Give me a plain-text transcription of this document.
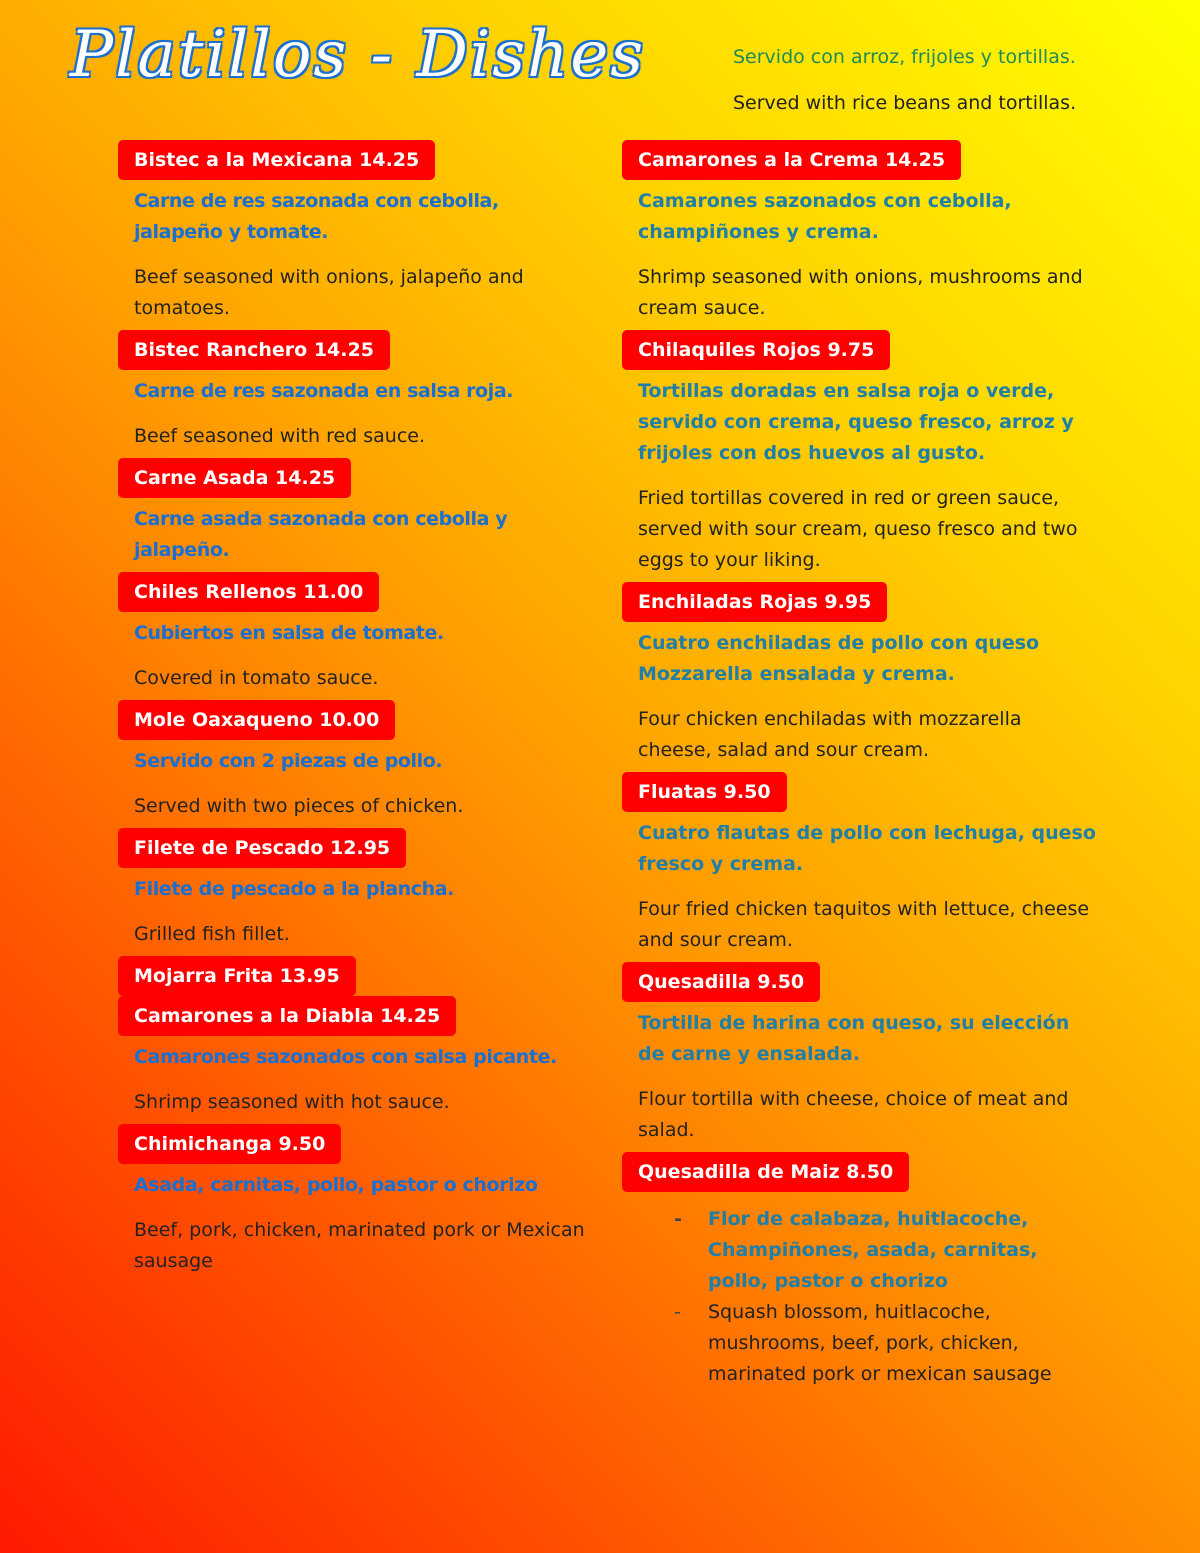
Platillos - Dishes	Servido con arroz, frijoles y tortillas.
Served with rice beans and tortillas.
Bistec a la Mexicana 14.25
Carne de res sazonada con cebolla, jalapeño y tomate.
Beef seasoned with onions, jalapeño and tomatoes.
Bistec Ranchero 14.25
Carne de res sazonada en salsa roja.
Beef seasoned with red sauce.
Carne Asada 14.25
Carne asada sazonada con cebolla y jalapeño.
Chiles Rellenos 11.00
Cubiertos en salsa de tomate.
Covered in tomato sauce.
Mole Oaxaqueno 10.00
Servido con 2 piezas de pollo.
Served with two pieces of chicken.
Filete de Pescado 12.95
Filete de pescado a la plancha.
Grilled fish fillet.
Mojarra Frita 13.95
Camarones a la Diabla 14.25
Camarones sazonados con salsa picante.
Shrimp seasoned with hot sauce.
Chimichanga 9.50
Asada, carnitas, pollo, pastor o chorizo
Beef, pork, chicken, marinated pork or Mexican sausage
Camarones a la Crema 14.25
Camarones sazonados con cebolla, champiñones y crema.
Shrimp seasoned with onions, mushrooms and cream sauce.
Chilaquiles Rojos 9.75
Tortillas doradas en salsa roja o verde, servido con crema, queso fresco, arroz y frijoles con dos huevos al gusto.
Fried tortillas covered in red or green sauce, served with sour cream, queso fresco and two eggs to your liking.
Enchiladas Rojas 9.95
Cuatro enchiladas de pollo con queso Mozzarella ensalada y crema.
Four chicken enchiladas with mozzarella cheese, salad and sour cream.
Fluatas 9.50
Cuatro flautas de pollo con lechuga, queso fresco y crema.
Four fried chicken taquitos with lettuce, cheese and sour cream.
Quesadilla 9.50
Tortilla de harina con queso, su elección de carne y ensalada.
Flour tortilla with cheese, choice of meat and salad.
Quesadilla de Maiz 8.50
- Flor de calabaza, huitlacoche, Champiñones, asada, carnitas, pollo, pastor o chorizo
- Squash blossom, huitlacoche, mushrooms, beef, pork, chicken, marinated pork or mexican sausage
